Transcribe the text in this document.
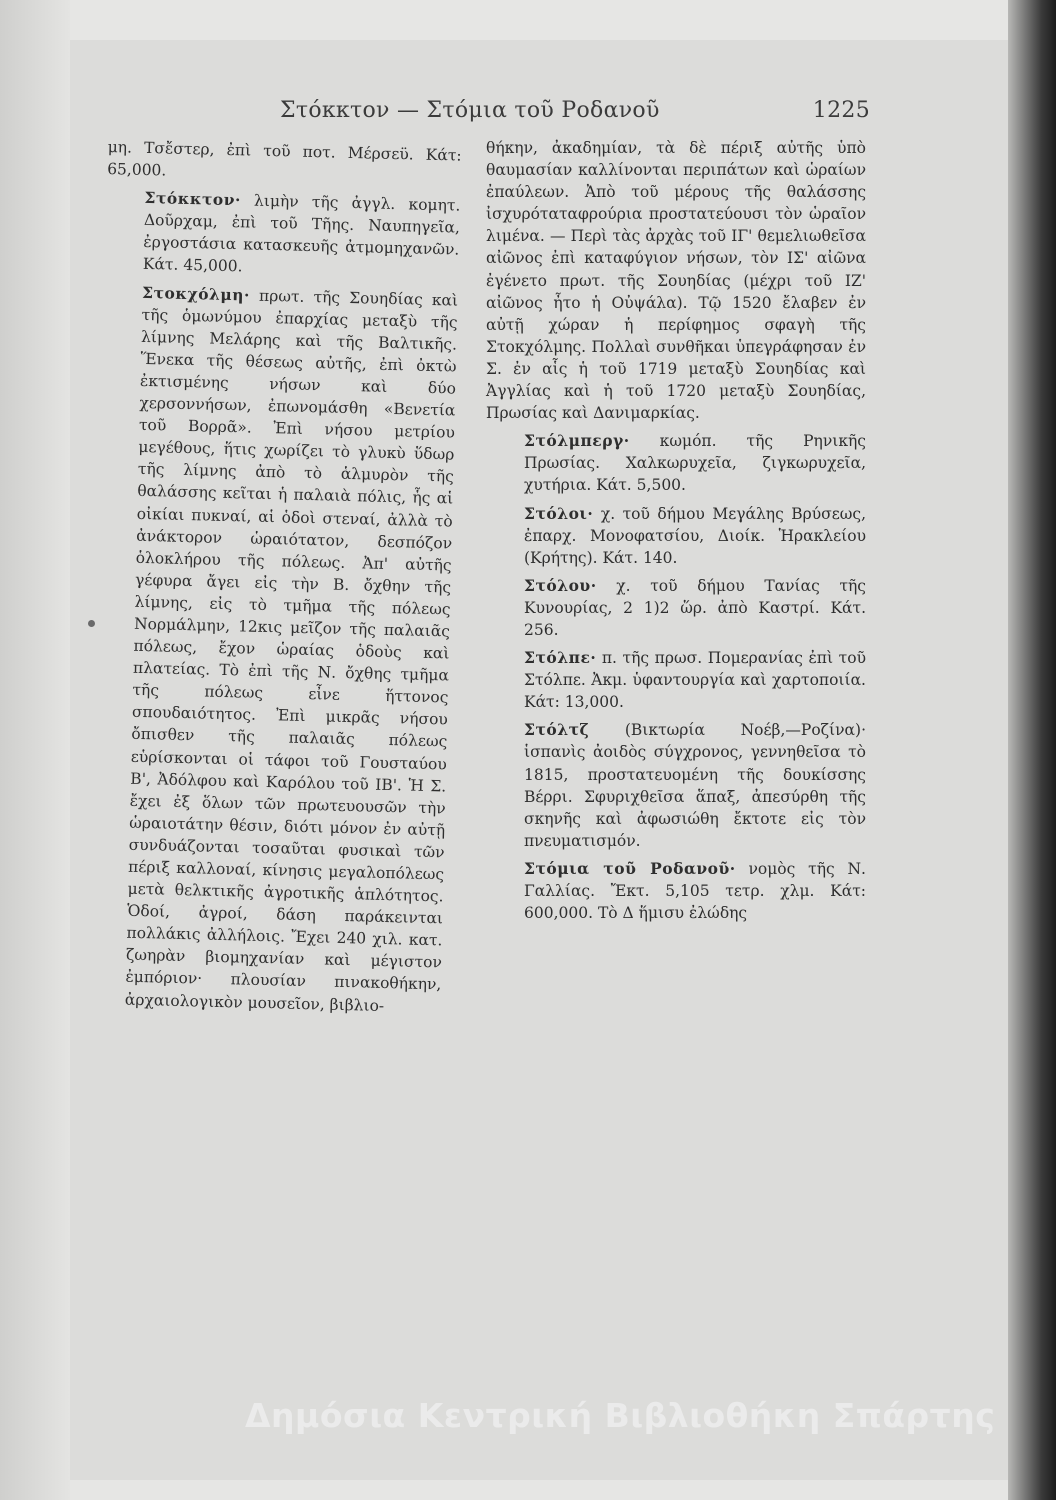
Στόκκτον — Στόμια τοῦ Ροδανοῦ	1225

μη. Τσἔστερ, ἐπὶ τοῦ ποτ. Μέρσεϋ. Κάτ: 65,000.

Στόκκτον· λιμὴν τῆς ἀγγλ. κομητ. Δοῦρχαμ, ἐπὶ τοῦ Τῆης. Ναυπηγεῖα, ἐργοστάσια κατασκευῆς ἀτμομηχανῶν. Κάτ. 45,000.

Στοκχόλμη· πρωτ. τῆς Σουηδίας καὶ τῆς ὁμωνύμου ἐπαρχίας μεταξὺ τῆς λίμνης Μελάρης καὶ τῆς Βαλτικῆς. Ἕνεκα τῆς θέσεως αὐτῆς, ἐπὶ ὀκτὼ ἐκτισμένης νήσων καὶ δύο χερσοννήσων, ἐπωνομάσθη «Βενετία τοῦ Βορρᾶ». Ἐπὶ νήσου μετρίου μεγέθους, ἥτις χωρίζει τὸ γλυκὺ ὕδωρ τῆς λίμνης ἀπὸ τὸ ἁλμυρὸν τῆς θαλάσσης κεῖται ἡ παλαιὰ πόλις, ἧς αἱ οἰκίαι πυκναί, αἱ ὁδοὶ στεναί, ἀλλὰ τὸ ἀνάκτορον ὡραιότατον, δεσπόζον ὁλοκλήρου τῆς πόλεως. Ἀπ' αὐτῆς γέφυρα ἄγει εἰς τὴν Β. ὄχθην τῆς λίμνης, εἰς τὸ τμῆμα τῆς πόλεως Νορμάλμην, 12κις μεῖζον τῆς παλαιᾶς πόλεως, ἔχον ὡραίας ὁδοὺς καὶ πλατείας. Τὸ ἐπὶ τῆς Ν. ὄχθης τμῆμα τῆς πόλεως εἶνε ἥττονος σπουδαιότητος. Ἐπὶ μικρᾶς νήσου ὄπισθεν τῆς παλαιᾶς πόλεως εὑρίσκονται οἱ τάφοι τοῦ Γουσταύου Β', Ἀδόλφου καὶ Καρόλου τοῦ ΙΒ'. Ἡ Σ. ἔχει ἐξ ὅλων τῶν πρωτευουσῶν τὴν ὡραιοτάτην θέσιν, διότι μόνον ἐν αὐτῇ συνδυάζονται τοσαῦται φυσικαὶ τῶν πέριξ καλλοναί, κίνησις μεγαλοπόλεως μετὰ θελκτικῆς ἀγροτικῆς ἁπλότητος. Ὁδοί, ἀγροί, δάση παράκεινται πολλάκις ἀλλήλοις. Ἔχει 240 χιλ. κατ. ζωηρὰν βιομηχανίαν καὶ μέγιστον ἐμπόριον· πλουσίαν πινακοθήκην, ἀρχαιολογικὸν μουσεῖον, βιβλιο-

θήκην, ἀκαδημίαν, τὰ δὲ πέριξ αὐτῆς ὑπὸ θαυμασίαν καλλίνονται περιπάτων καὶ ὡραίων ἐπαύλεων. Ἀπὸ τοῦ μέρους τῆς θαλάσσης ἰσχυρόταταφρούρια προστατεύουσι τὸν ὡραῖον λιμένα. — Περὶ τὰς ἀρχὰς τοῦ ΙΓ' θεμελιωθεῖσα αἰῶνος ἐπὶ καταφύγιον νήσων, τὸν ΙΣ' αἰῶνα ἐγένετο πρωτ. τῆς Σουηδίας (μέχρι τοῦ ΙΖ' αἰῶνος ἦτο ἡ Οὐψάλα). Τῷ 1520 ἔλαβεν ἐν αὐτῇ χώραν ἡ περίφημος σφαγὴ τῆς Στοκχόλμης. Πολλαὶ συνθῆκαι ὑπεγράφησαν ἐν Σ. ἐν αἷς ἡ τοῦ 1719 μεταξὺ Σουηδίας καὶ Ἀγγλίας καὶ ἡ τοῦ 1720 μεταξὺ Σουηδίας, Πρωσίας καὶ Δανιμαρκίας.

Στόλμπεργ· κωμόπ. τῆς Ρηνικῆς Πρωσίας. Χαλκωρυχεῖα, ζιγκωρυχεῖα, χυτήρια. Κάτ. 5,500.

Στόλοι· χ. τοῦ δήμου Μεγάλης Βρύσεως, ἐπαρχ. Μονοφατσίου, Διοίκ. Ἡρακλείου (Κρήτης). Κάτ. 140.

Στόλου· χ. τοῦ δήμου Τανίας τῆς Κυνουρίας, 2 1)2 ὥρ. ἀπὸ Καστρί. Κάτ. 256.

Στόλπε· π. τῆς πρωσ. Πομερανίας ἐπὶ τοῦ Στόλπε. Ἀκμ. ὑφαντουργία καὶ χαρτοποιία. Κάτ: 13,000.

Στόλτζ (Βικτωρία Νοέβ,—Ροζίνα)· ἱσπανὶς ἀοιδὸς σύγχρονος, γεννηθεῖσα τὸ 1815, προστατευομένη τῆς δουκίσσης Βέρρι. Σφυριχθεῖσα ἅπαξ, ἀπεσύρθη τῆς σκηνῆς καὶ ἀφωσιώθη ἔκτοτε εἰς τὸν πνευματισμόν.

Στόμια τοῦ Ροδανοῦ· νομὸς τῆς Ν. Γαλλίας. Ἔκτ. 5,105 τετρ. χλμ. Κάτ: 600,000. Τὸ Δ ἥμισυ ἐλώδης

Δημόσια Κεντρική Βιβλιοθήκη Σπάρτης
